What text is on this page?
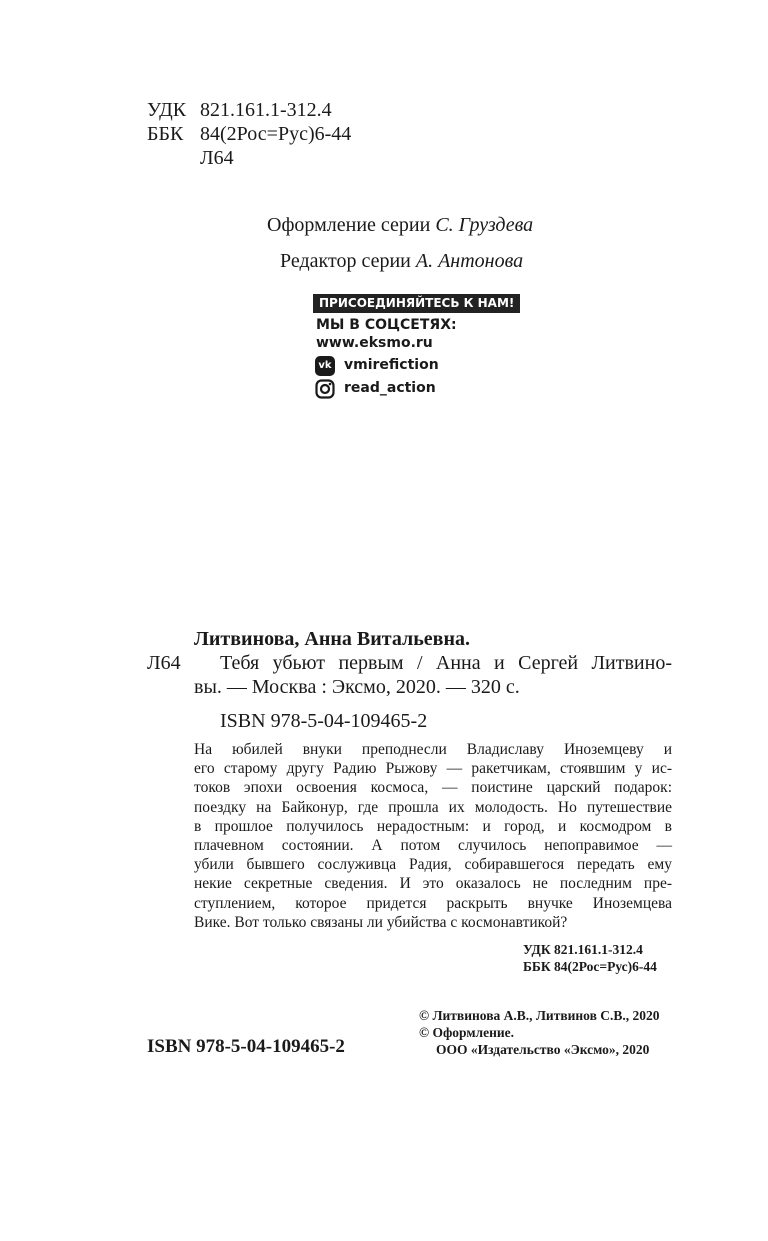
УДК 821.161.1-312.4
ББК 84(2Рос=Рус)6-44
Л64
Оформление серии С. Груздева
Редактор серии А. Антонова
ПРИСОЕДИНЯЙТЕСЬ К НАМ!
МЫ В СОЦСЕТЯХ:
www.eksmo.ru
vk vmirefiction
read_action
Литвинова, Анна Витальевна.
Л64 Тебя убьют первым / Анна и Сергей Литвино-
вы. — Москва : Эксмо, 2020. — 320 с.
ISBN 978-5-04-109465-2
На юбилей внуки преподнесли Владиславу Иноземцеву и
его старому другу Радию Рыжову — ракетчикам, стоявшим у ис-
токов эпохи освоения космоса, — поистине царский подарок:
поездку на Байконур, где прошла их молодость. Но путешествие
в прошлое получилось нерадостным: и город, и космодром в
плачевном состоянии. А потом случилось непоправимое —
убили бывшего сослуживца Радия, собиравшегося передать ему
некие секретные сведения. И это оказалось не последним пре-
ступлением, которое придется раскрыть внучке Иноземцева
Вике. Вот только связаны ли убийства с космонавтикой?
УДК 821.161.1-312.4
ББК 84(2Рос=Рус)6-44
© Литвинова А.В., Литвинов С.В., 2020
© Оформление.
ООО «Издательство «Эксмо», 2020
ISBN 978-5-04-109465-2
